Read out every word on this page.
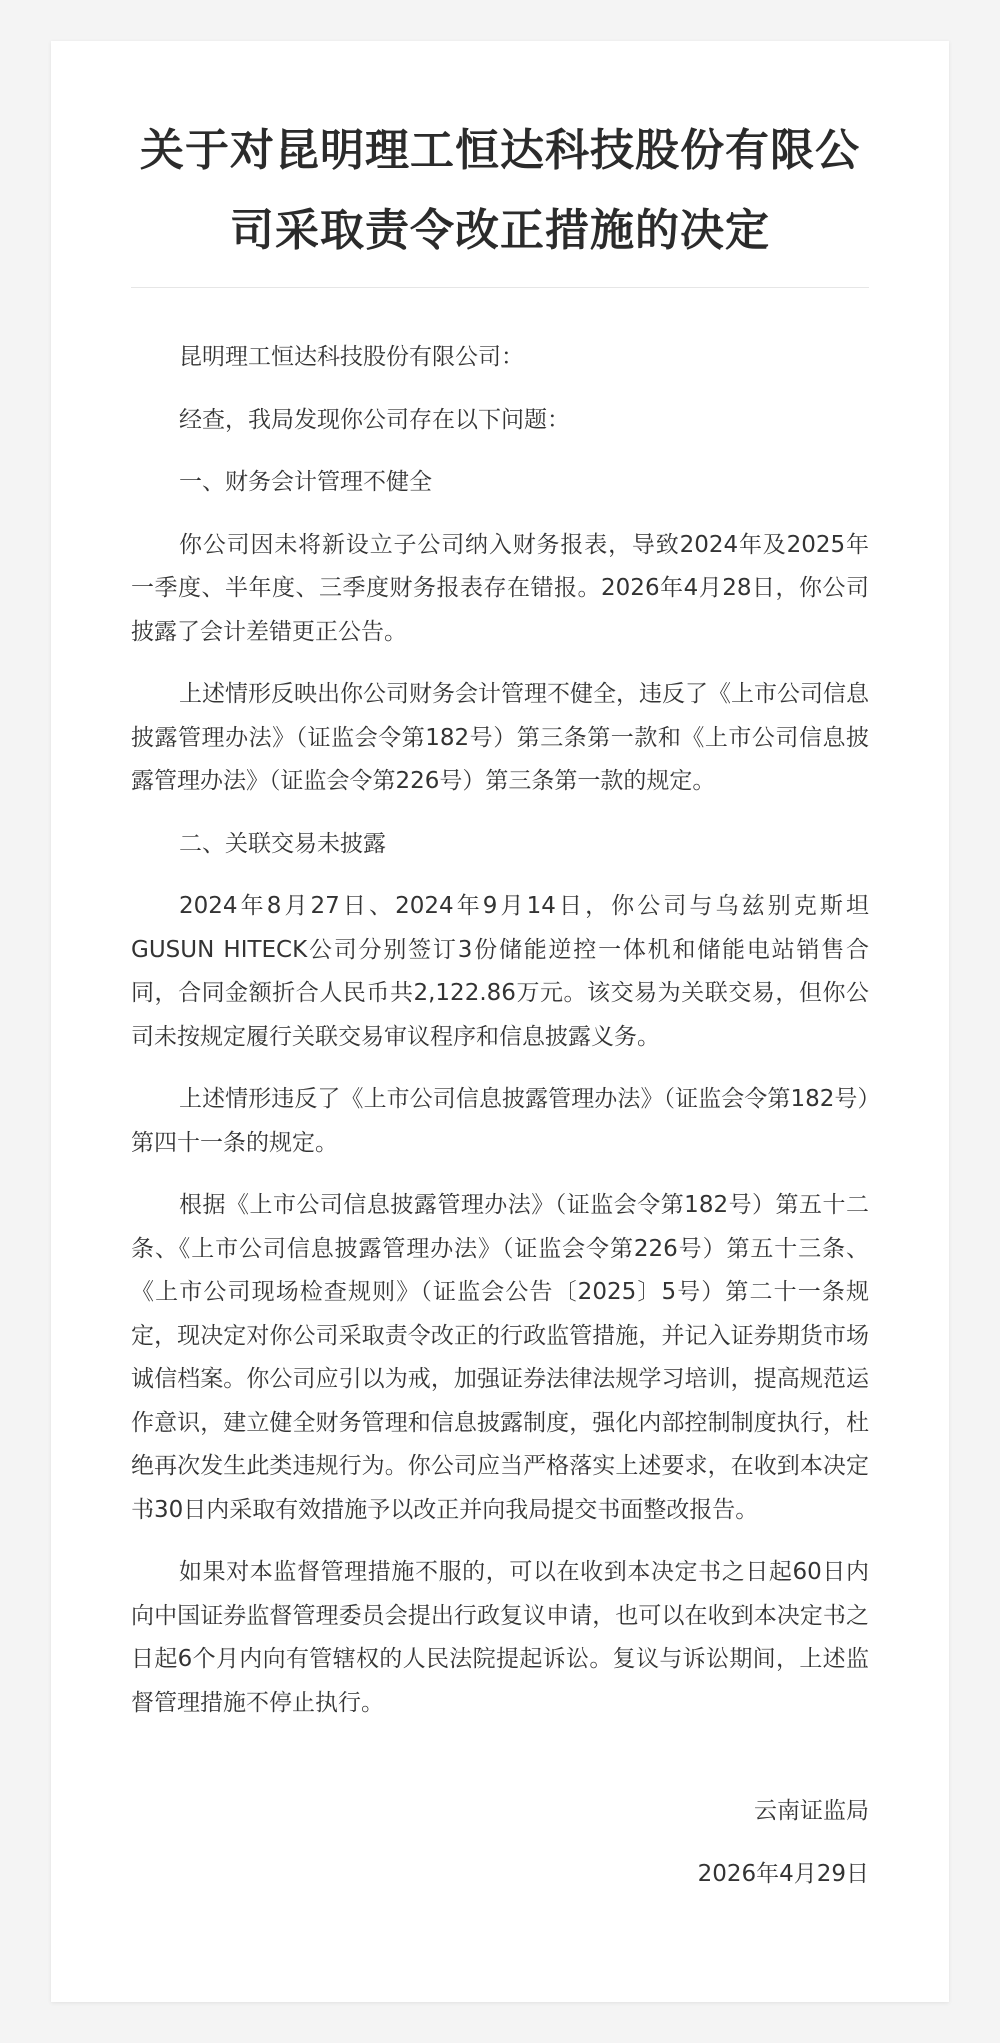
关于对昆明理工恒达科技股份有限公司采取责令改正措施的决定

昆明理工恒达科技股份有限公司：

经查，我局发现你公司存在以下问题：

一、财务会计管理不健全

你公司因未将新设立子公司纳入财务报表，导致2024年及2025年一季度、半年度、三季度财务报表存在错报。2026年4月28日，你公司披露了会计差错更正公告。

上述情形反映出你公司财务会计管理不健全，违反了《上市公司信息披露管理办法》（证监会令第182号）第三条第一款和《上市公司信息披露管理办法》（证监会令第226号）第三条第一款的规定。

二、关联交易未披露

2024年8月27日、2024年9月14日，你公司与乌兹别克斯坦GUSUN HITECK公司分别签订3份储能逆控一体机和储能电站销售合同，合同金额折合人民币共2,122.86万元。该交易为关联交易，但你公司未按规定履行关联交易审议程序和信息披露义务。

上述情形违反了《上市公司信息披露管理办法》（证监会令第182号）第四十一条的规定。

根据《上市公司信息披露管理办法》（证监会令第182号）第五十二条、《上市公司信息披露管理办法》（证监会令第226号）第五十三条、《上市公司现场检查规则》（证监会公告〔2025〕5号）第二十一条规定，现决定对你公司采取责令改正的行政监管措施，并记入证券期货市场诚信档案。你公司应引以为戒，加强证券法律法规学习培训，提高规范运作意识，建立健全财务管理和信息披露制度，强化内部控制制度执行，杜绝再次发生此类违规行为。你公司应当严格落实上述要求，在收到本决定书30日内采取有效措施予以改正并向我局提交书面整改报告。

如果对本监督管理措施不服的，可以在收到本决定书之日起60日内向中国证券监督管理委员会提出行政复议申请，也可以在收到本决定书之日起6个月内向有管辖权的人民法院提起诉讼。复议与诉讼期间，上述监督管理措施不停止执行。

云南证监局
2026年4月29日
